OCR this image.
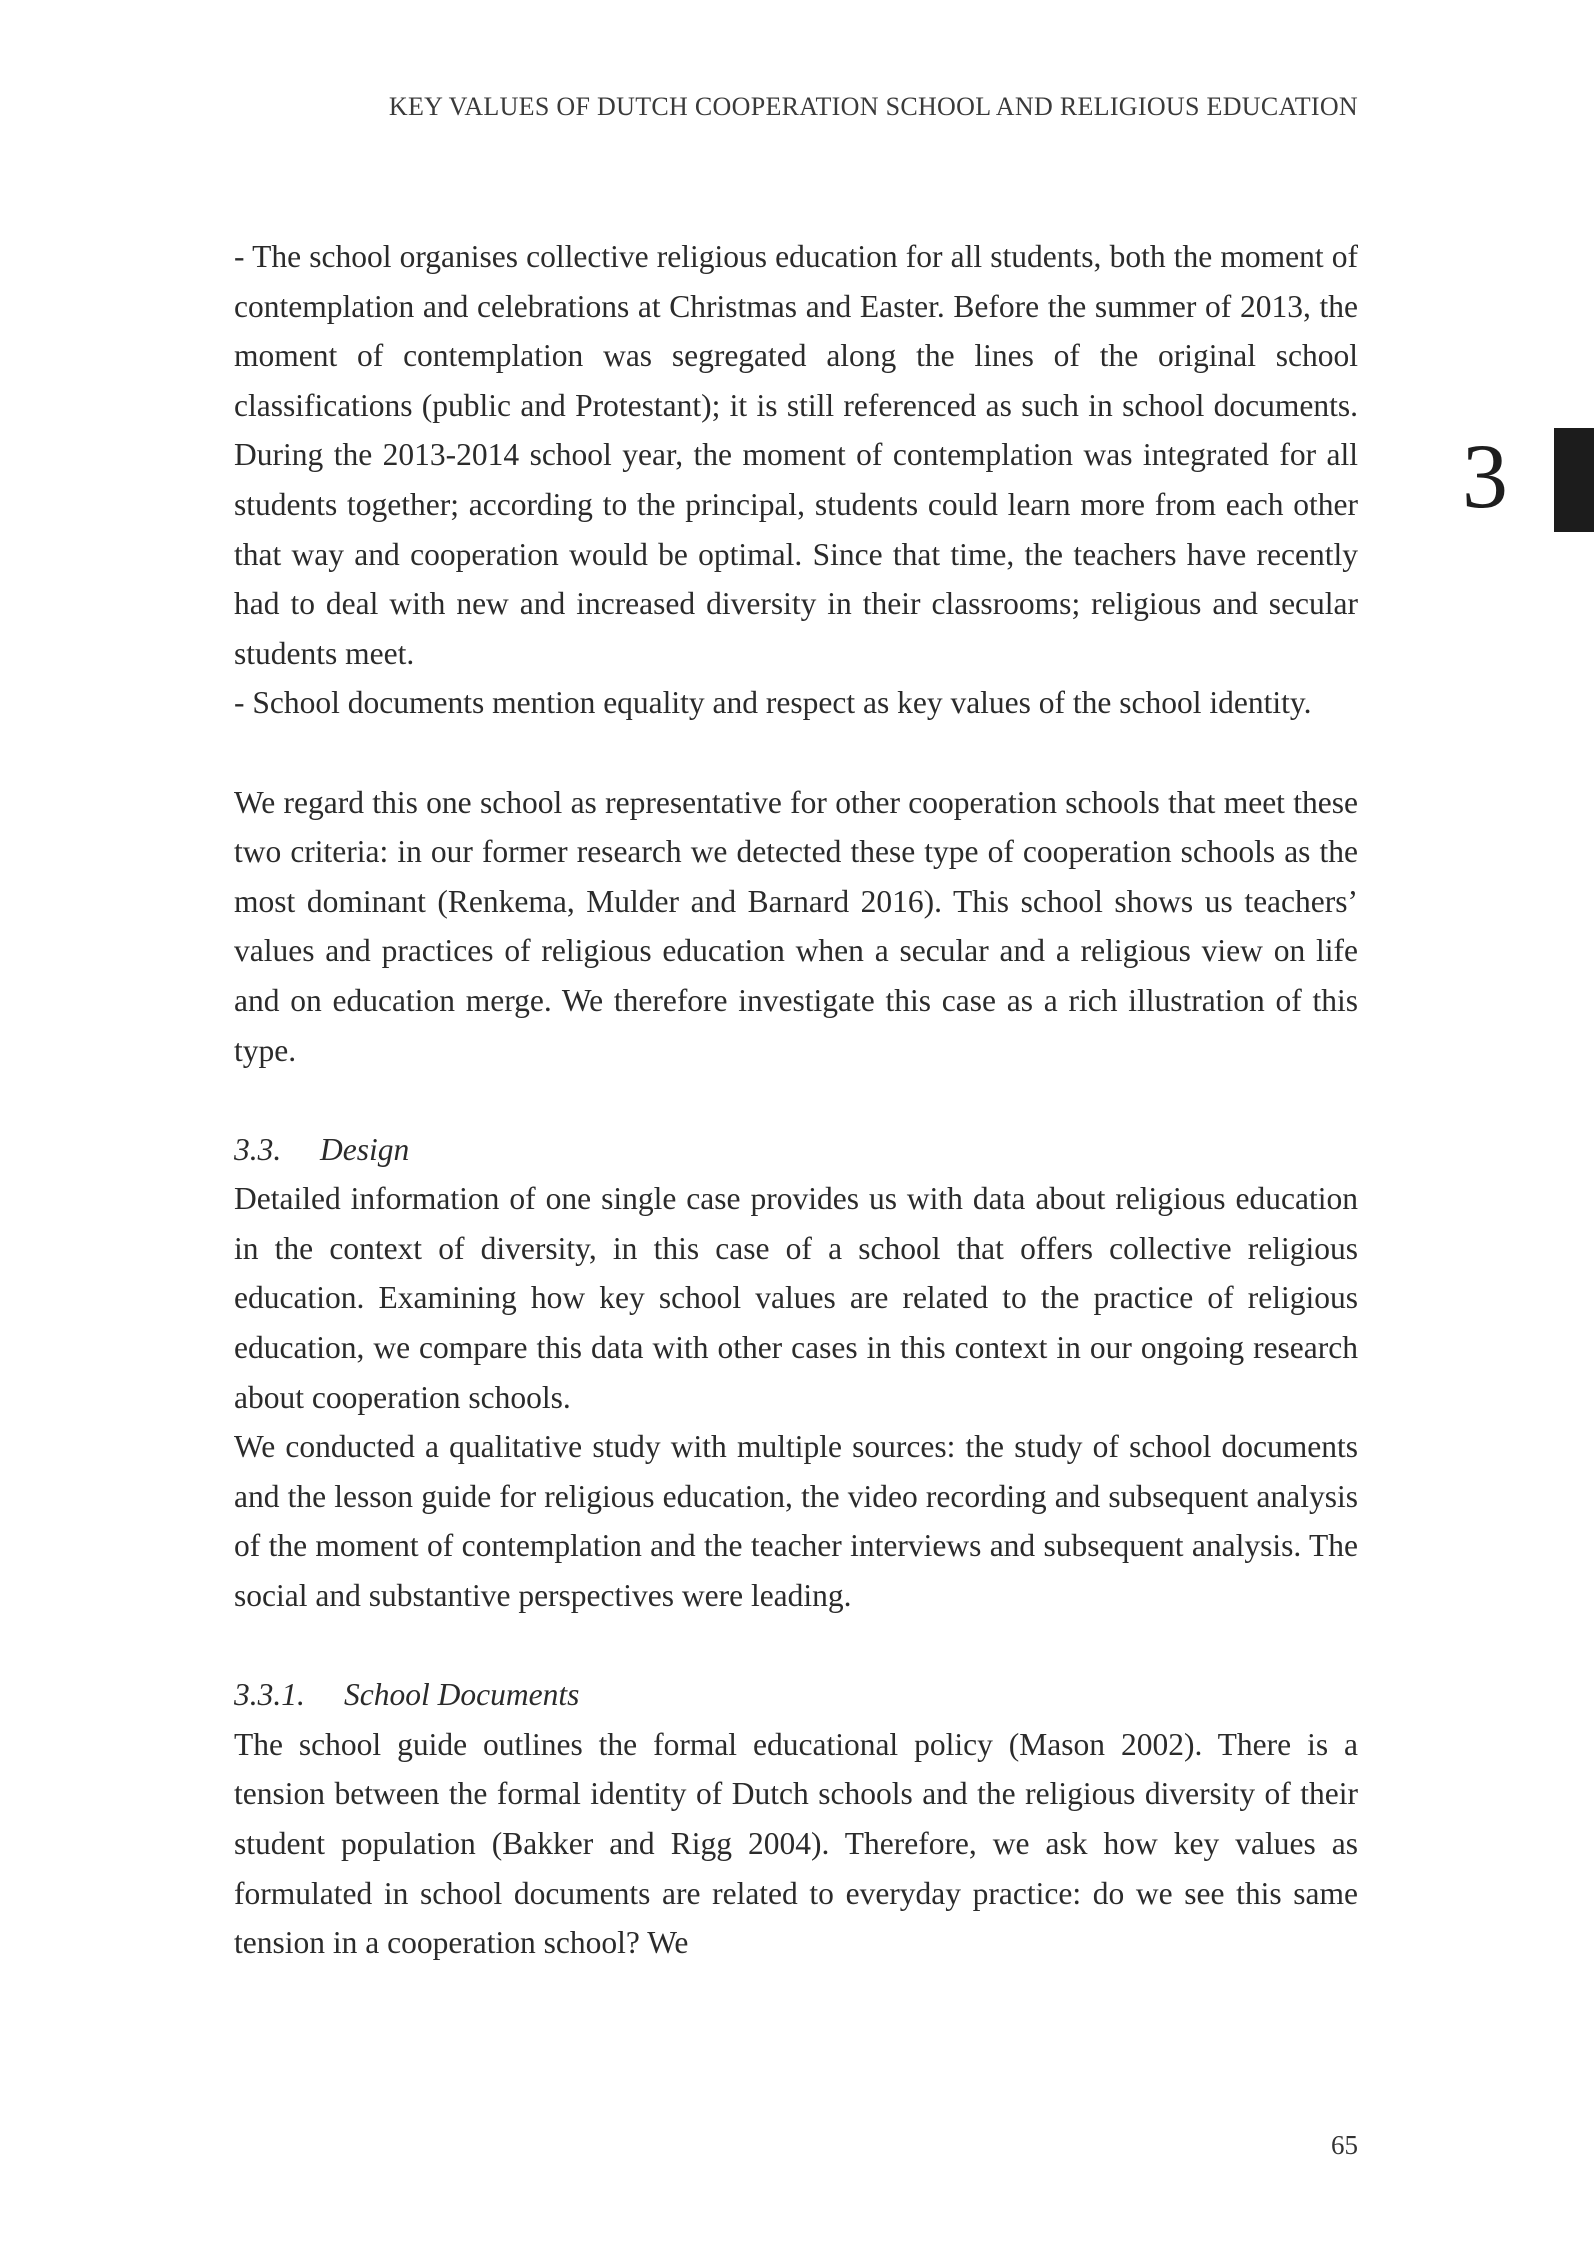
KEY VALUES OF DUTCH COOPERATION SCHOOL AND RELIGIOUS EDUCATION
3

- The school organises collective religious education for all students, both the moment of contemplation and celebrations at Christmas and Easter. Before the summer of 2013, the moment of contemplation was segregated along the lines of the original school classifications (public and Protestant); it is still referenced as such in school documents. During the 2013-2014 school year, the moment of contemplation was integrated for all students together; according to the principal, students could learn more from each other that way and cooperation would be optimal. Since that time, the teachers have recently had to deal with new and increased diversity in their classrooms; religious and secular students meet.

- School documents mention equality and respect as key values of the school identity.

We regard this one school as representative for other cooperation schools that meet these two criteria: in our former research we detected these type of cooperation schools as the most dominant (Renkema, Mulder and Barnard 2016). This school shows us teachers’ values and practices of religious education when a secular and a religious view on life and on education merge. We therefore investigate this case as a rich illustration of this type.

3.3. Design

Detailed information of one single case provides us with data about religious education in the context of diversity, in this case of a school that offers collective religious education. Examining how key school values are related to the practice of religious education, we compare this data with other cases in this context in our ongoing research about cooperation schools.

We conducted a qualitative study with multiple sources: the study of school documents and the lesson guide for religious education, the video recording and subsequent analysis of the moment of contemplation and the teacher interviews and subsequent analysis. The social and substantive perspectives were leading.

3.3.1. School Documents

The school guide outlines the formal educational policy (Mason 2002). There is a tension between the formal identity of Dutch schools and the religious diversity of their student population (Bakker and Rigg 2004). Therefore, we ask how key values as formulated in school documents are related to everyday practice: do we see this same tension in a cooperation school? We

65
